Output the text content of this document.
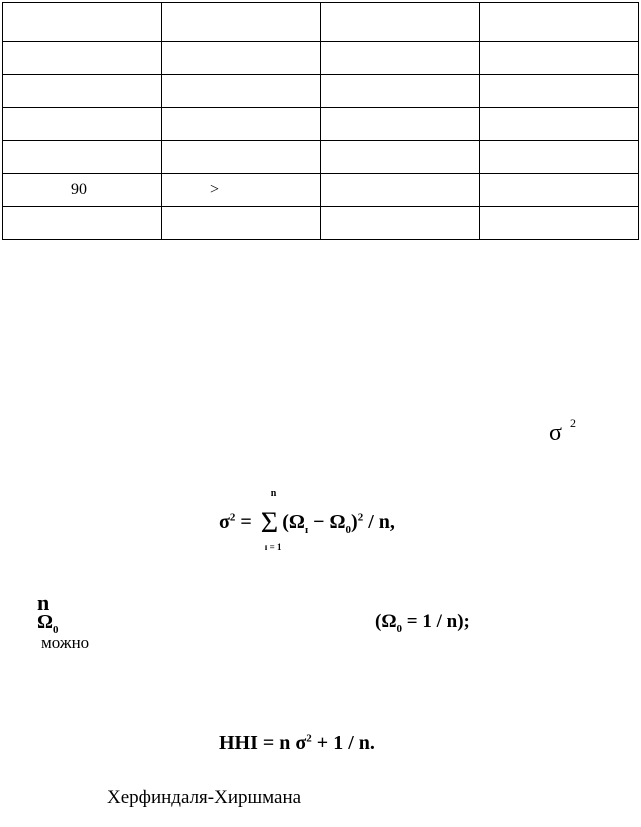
90	>		

σ $^2$
$\sigma^2 = \Sigma$
n
ɪ = 1
$(\Omega_ɪ - \Omega_0)^2 / n$,
n
$\Omega_0$	$(\Omega_0 = 1 / n)$;
можно
HHI = n $\sigma^2 + 1 / n$.
Херфиндаля-Хиршмана
